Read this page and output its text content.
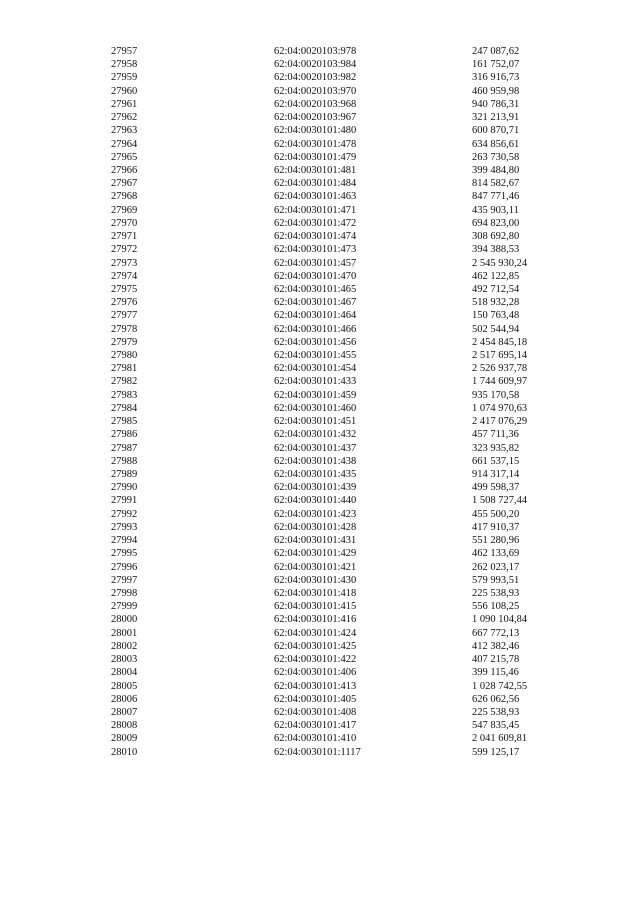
27957	62:04:0020103:978	247 087,62
27958	62:04:0020103:984	161 752,07
27959	62:04:0020103:982	316 916,73
27960	62:04:0020103:970	460 959,98
27961	62:04:0020103:968	940 786,31
27962	62:04:0020103:967	321 213,91
27963	62:04:0030101:480	600 870,71
27964	62:04:0030101:478	634 856,61
27965	62:04:0030101:479	263 730,58
27966	62:04:0030101:481	399 484,80
27967	62:04:0030101:484	814 582,67
27968	62:04:0030101:463	847 771,46
27969	62:04:0030101:471	435 903,11
27970	62:04:0030101:472	694 823,00
27971	62:04:0030101:474	308 692,80
27972	62:04:0030101:473	394 388,53
27973	62:04:0030101:457	2 545 930,24
27974	62:04:0030101:470	462 122,85
27975	62:04:0030101:465	492 712,54
27976	62:04:0030101:467	518 932,28
27977	62:04:0030101:464	150 763,48
27978	62:04:0030101:466	502 544,94
27979	62:04:0030101:456	2 454 845,18
27980	62:04:0030101:455	2 517 695,14
27981	62:04:0030101:454	2 526 937,78
27982	62:04:0030101:433	1 744 609,97
27983	62:04:0030101:459	935 170,58
27984	62:04:0030101:460	1 074 970,63
27985	62:04:0030101:451	2 417 076,29
27986	62:04:0030101:432	457 711,36
27987	62:04:0030101:437	323 935,82
27988	62:04:0030101:438	661 537,15
27989	62:04:0030101:435	914 317,14
27990	62:04:0030101:439	499 598,37
27991	62:04:0030101:440	1 508 727,44
27992	62:04:0030101:423	455 500,20
27993	62:04:0030101:428	417 910,37
27994	62:04:0030101:431	551 280,96
27995	62:04:0030101:429	462 133,69
27996	62:04:0030101:421	262 023,17
27997	62:04:0030101:430	579 993,51
27998	62:04:0030101:418	225 538,93
27999	62:04:0030101:415	556 108,25
28000	62:04:0030101:416	1 090 104,84
28001	62:04:0030101:424	667 772,13
28002	62:04:0030101:425	412 382,46
28003	62:04:0030101:422	407 215,78
28004	62:04:0030101:406	399 115,46
28005	62:04:0030101:413	1 028 742,55
28006	62:04:0030101:405	626 062,56
28007	62:04:0030101:408	225 538,93
28008	62:04:0030101:417	547 835,45
28009	62:04:0030101:410	2 041 609,81
28010	62:04:0030101:1117	599 125,17
